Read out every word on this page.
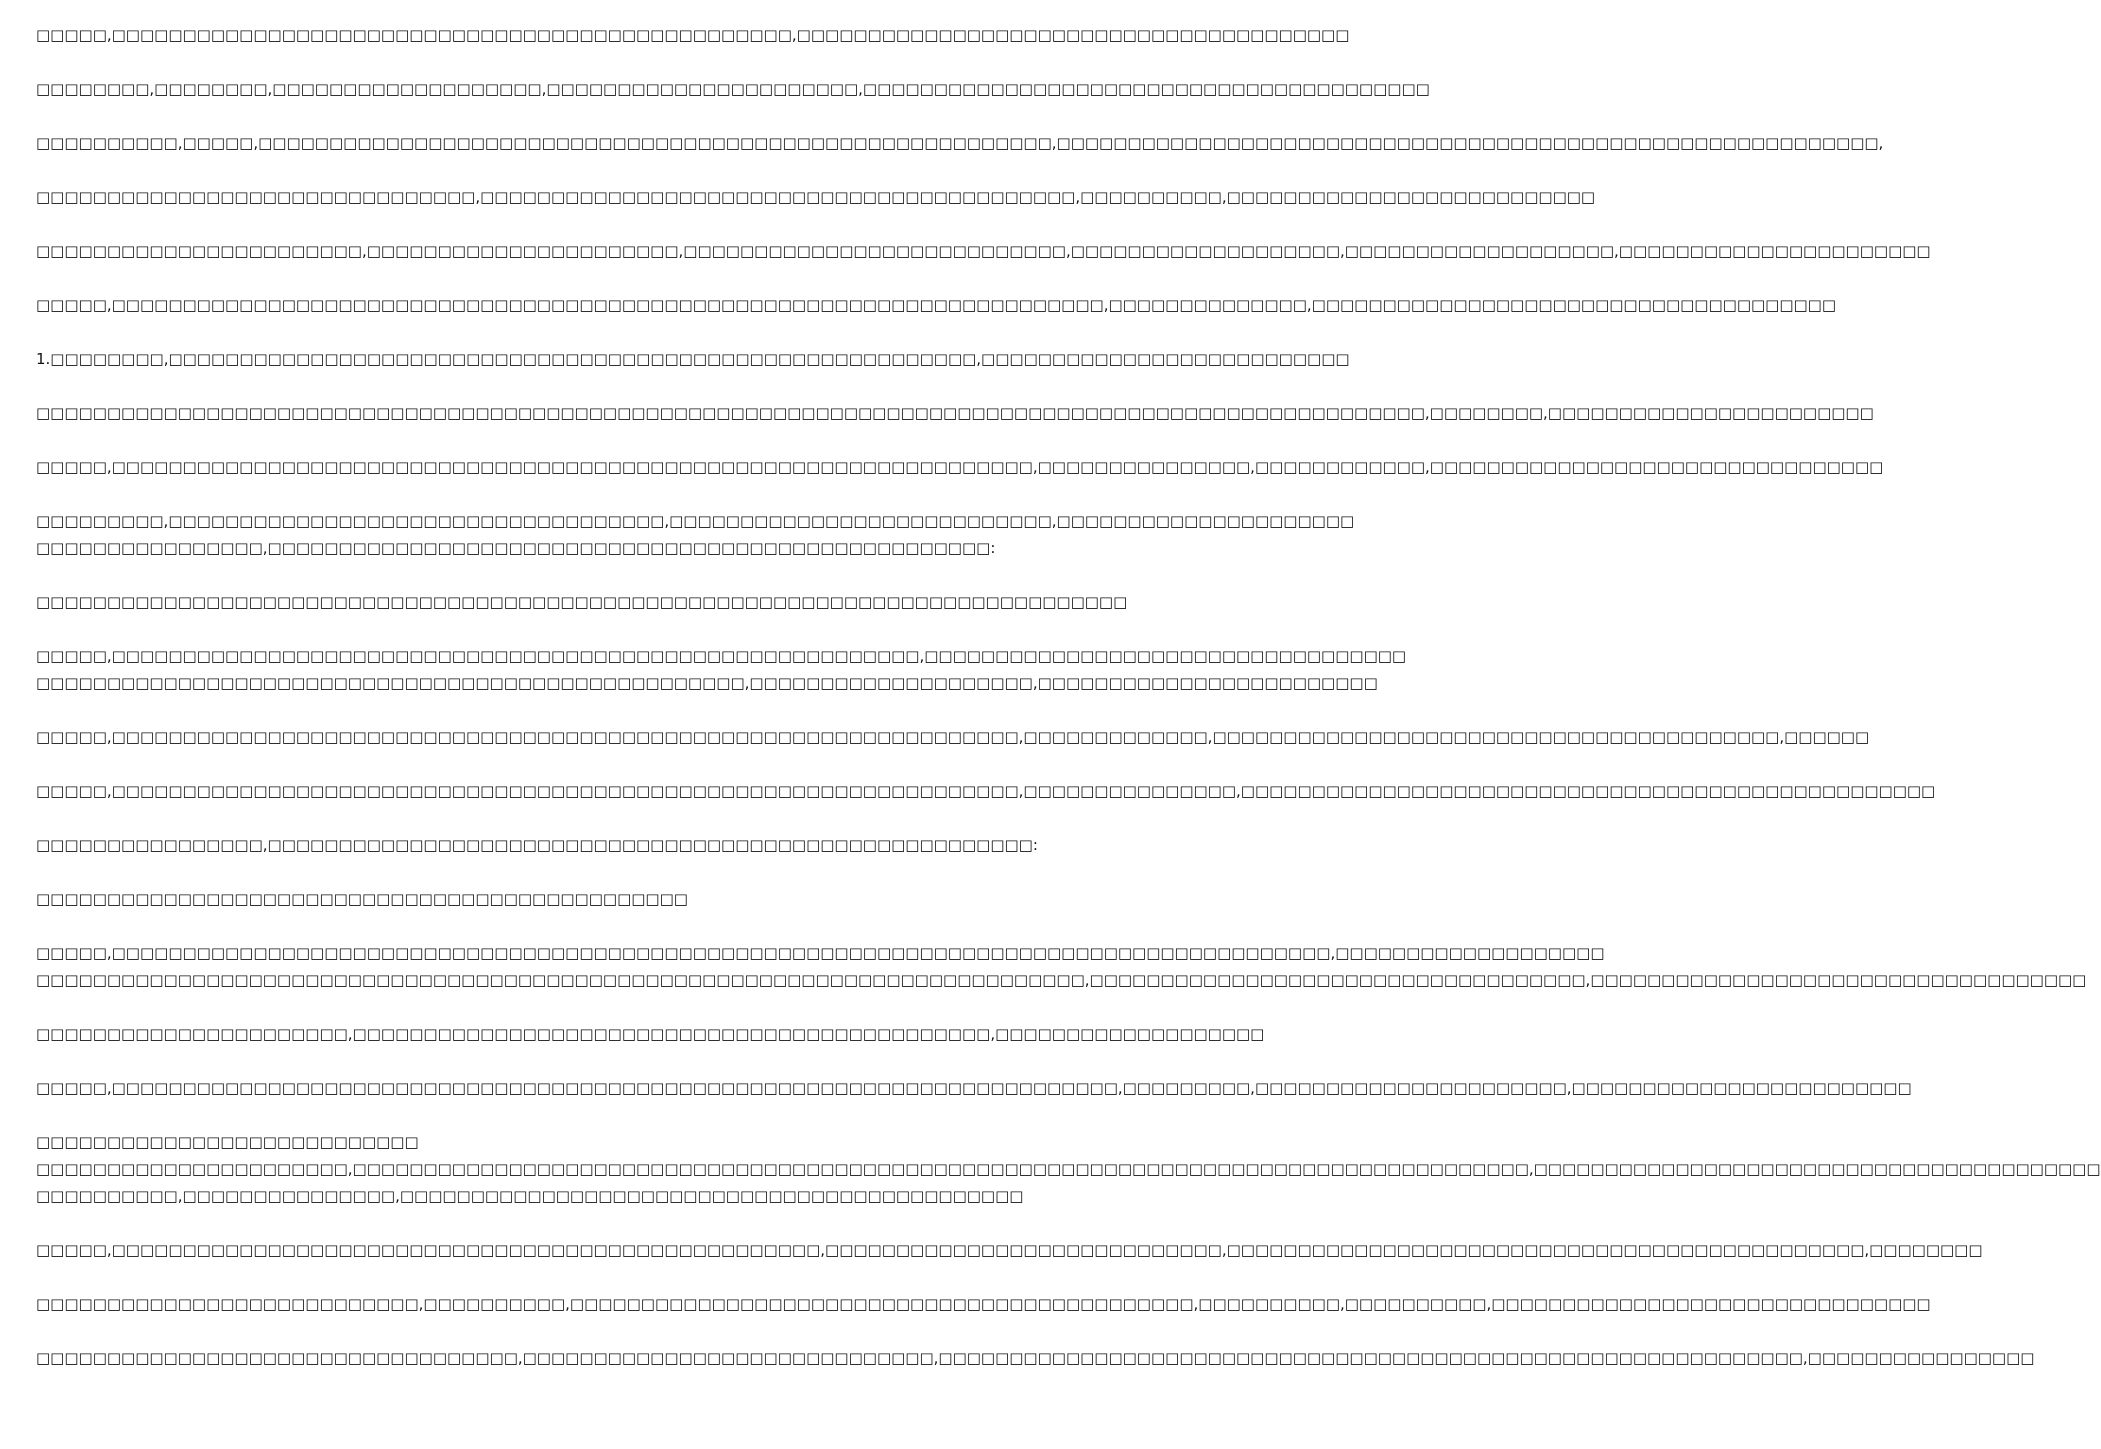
□□□□□,□□□□□□□□□□□□□□□□□□□□□□□□□□□□□□□□□□□□□□□□□□□□□□□□,□□□□□□□□□□□□□□□□□□□□□□□□□□□□□□□□□□□□□□□
□□□□□□□□,□□□□□□□□,□□□□□□□□□□□□□□□□□□□,□□□□□□□□□□□□□□□□□□□□□□,□□□□□□□□□□□□□□□□□□□□□□□□□□□□□□□□□□□□□□□□
□□□□□□□□□□,□□□□□,□□□□□□□□□□□□□□□□□□□□□□□□□□□□□□□□□□□□□□□□□□□□□□□□□□□□□□□□,□□□□□□□□□□□□□□□□□□□□□□□□□□□□□□□□□□□□□□□□□□□□□□□□□□□□□□□□□□,
□□□□□□□□□□□□□□□□□□□□□□□□□□□□□□□,□□□□□□□□□□□□□□□□□□□□□□□□□□□□□□□□□□□□□□□□□□,□□□□□□□□□□,□□□□□□□□□□□□□□□□□□□□□□□□□□
□□□□□□□□□□□□□□□□□□□□□□□,□□□□□□□□□□□□□□□□□□□□□□,□□□□□□□□□□□□□□□□□□□□□□□□□□□,□□□□□□□□□□□□□□□□□□□,□□□□□□□□□□□□□□□□□□□,□□□□□□□□□□□□□□□□□□□□□□
□□□□□,□□□□□□□□□□□□□□□□□□□□□□□□□□□□□□□□□□□□□□□□□□□□□□□□□□□□□□□□□□□□□□□□□□□□□□,□□□□□□□□□□□□□□,□□□□□□□□□□□□□□□□□□□□□□□□□□□□□□□□□□□□□
1.□□□□□□□□,□□□□□□□□□□□□□□□□□□□□□□□□□□□□□□□□□□□□□□□□□□□□□□□□□□□□□□□□□,□□□□□□□□□□□□□□□□□□□□□□□□□□
□□□□□□□□□□□□□□□□□□□□□□□□□□□□□□□□□□□□□□□□□□□□□□□□□□□□□□□□□□□□□□□□□□□□□□□□□□□□□□□□□□□□□□□□□□□□□□□□□□,□□□□□□□□,□□□□□□□□□□□□□□□□□□□□□□□
□□□□□,□□□□□□□□□□□□□□□□□□□□□□□□□□□□□□□□□□□□□□□□□□□□□□□□□□□□□□□□□□□□□□□□□,□□□□□□□□□□□□□□□,□□□□□□□□□□□□,□□□□□□□□□□□□□□□□□□□□□□□□□□□□□□□□
□□□□□□□□□,□□□□□□□□□□□□□□□□□□□□□□□□□□□□□□□□□□□,□□□□□□□□□□□□□□□□□□□□□□□□□□□,□□□□□□□□□□□□□□□□□□□□□
□□□□□□□□□□□□□□□□,□□□□□□□□□□□□□□□□□□□□□□□□□□□□□□□□□□□□□□□□□□□□□□□□□□□:
□□□□□□□□□□□□□□□□□□□□□□□□□□□□□□□□□□□□□□□□□□□□□□□□□□□□□□□□□□□□□□□□□□□□□□□□□□□□□
□□□□□,□□□□□□□□□□□□□□□□□□□□□□□□□□□□□□□□□□□□□□□□□□□□□□□□□□□□□□□□□,□□□□□□□□□□□□□□□□□□□□□□□□□□□□□□□□□□
□□□□□□□□□□□□□□□□□□□□□□□□□□□□□□□□□□□□□□□□□□□□□□□□□□,□□□□□□□□□□□□□□□□□□□□,□□□□□□□□□□□□□□□□□□□□□□□□
□□□□□,□□□□□□□□□□□□□□□□□□□□□□□□□□□□□□□□□□□□□□□□□□□□□□□□□□□□□□□□□□□□□□□□,□□□□□□□□□□□□□,□□□□□□□□□□□□□□□□□□□□□□□□□□□□□□□□□□□□□□□□,□□□□□□
□□□□□,□□□□□□□□□□□□□□□□□□□□□□□□□□□□□□□□□□□□□□□□□□□□□□□□□□□□□□□□□□□□□□□□,□□□□□□□□□□□□□□□,□□□□□□□□□□□□□□□□□□□□□□□□□□□□□□□□□□□□□□□□□□□□□□□□□
□□□□□□□□□□□□□□□□,□□□□□□□□□□□□□□□□□□□□□□□□□□□□□□□□□□□□□□□□□□□□□□□□□□□□□□:
□□□□□□□□□□□□□□□□□□□□□□□□□□□□□□□□□□□□□□□□□□□□□□
□□□□□,□□□□□□□□□□□□□□□□□□□□□□□□□□□□□□□□□□□□□□□□□□□□□□□□□□□□□□□□□□□□□□□□□□□□□□□□□□□□□□□□□□□□□□,□□□□□□□□□□□□□□□□□□□
□□□□□□□□□□□□□□□□□□□□□□□□□□□□□□□□□□□□□□□□□□□□□□□□□□□□□□□□□□□□□□□□□□□□□□□□□□,□□□□□□□□□□□□□□□□□□□□□□□□□□□□□□□□□□□,□□□□□□□□□□□□□□□□□□□□□□□□□□□□□□□□□□□
□□□□□□□□□□□□□□□□□□□□□□,□□□□□□□□□□□□□□□□□□□□□□□□□□□□□□□□□□□□□□□□□□□□□,□□□□□□□□□□□□□□□□□□□
□□□□□,□□□□□□□□□□□□□□□□□□□□□□□□□□□□□□□□□□□□□□□□□□□□□□□□□□□□□□□□□□□□□□□□□□□□□□□,□□□□□□□□□,□□□□□□□□□□□□□□□□□□□□□□,□□□□□□□□□□□□□□□□□□□□□□□□
□□□□□□□□□□□□□□□□□□□□□□□□□□□
□□□□□□□□□□□□□□□□□□□□□□,□□□□□□□□□□□□□□□□□□□□□□□□□□□□□□□□□□□□□□□□□□□□□□□□□□□□□□□□□□□□□□□□□□□□□□□□□□□□□□□□□□□,□□□□□□□□□□□□□□□□□□□□□□□□□□□□□□□□□□□□□□□□
□□□□□□□□□□,□□□□□□□□□□□□□□□,□□□□□□□□□□□□□□□□□□□□□□□□□□□□□□□□□□□□□□□□□□□□
□□□□□,□□□□□□□□□□□□□□□□□□□□□□□□□□□□□□□□□□□□□□□□□□□□□□□□□□,□□□□□□□□□□□□□□□□□□□□□□□□□□□□,□□□□□□□□□□□□□□□□□□□□□□□□□□□□□□□□□□□□□□□□□□□□□,□□□□□□□□
□□□□□□□□□□□□□□□□□□□□□□□□□□□,□□□□□□□□□□,□□□□□□□□□□□□□□□□□□□□□□□□□□□□□□□□□□□□□□□□□□□□,□□□□□□□□□□,□□□□□□□□□□,□□□□□□□□□□□□□□□□□□□□□□□□□□□□□□□
□□□□□□□□□□□□□□□□□□□□□□□□□□□□□□□□□□,□□□□□□□□□□□□□□□□□□□□□□□□□□□□□,□□□□□□□□□□□□□□□□□□□□□□□□□□□□□□□□□□□□□□□□□□□□□□□□□□□□□□□□□□□□□,□□□□□□□□□□□□□□□□
